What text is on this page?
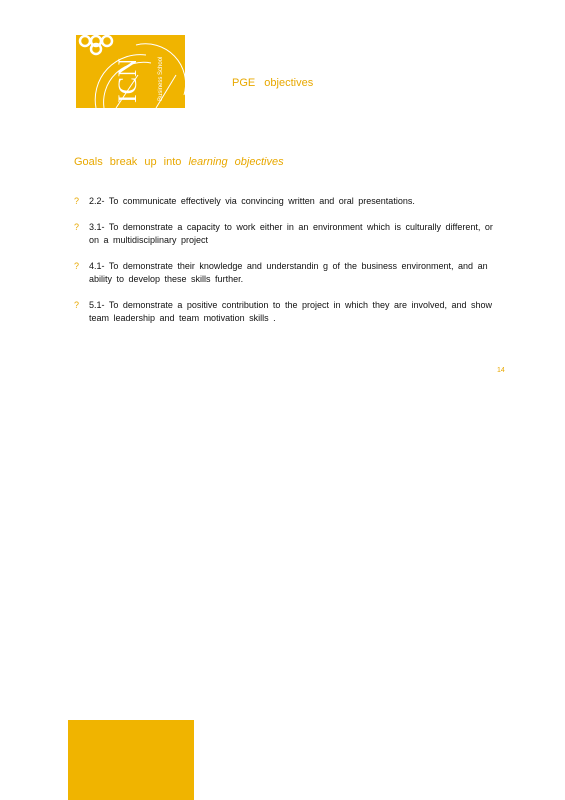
ICN	Business School	PGE objectives
Goals break up into learning objectives
? 2.2- To communicate effectively via convincing written and oral presentations.
? 3.1- To demonstrate a capacity to work either in an environment which is culturally different, or on a multidisciplinary project
? 4.1- To demonstrate their knowledge and understandin g of the business environment, and an ability to develop these skills further.
? 5.1- To demonstrate a positive contribution to the project in which they are involved, and show team leadership and team motivation skills .
14
